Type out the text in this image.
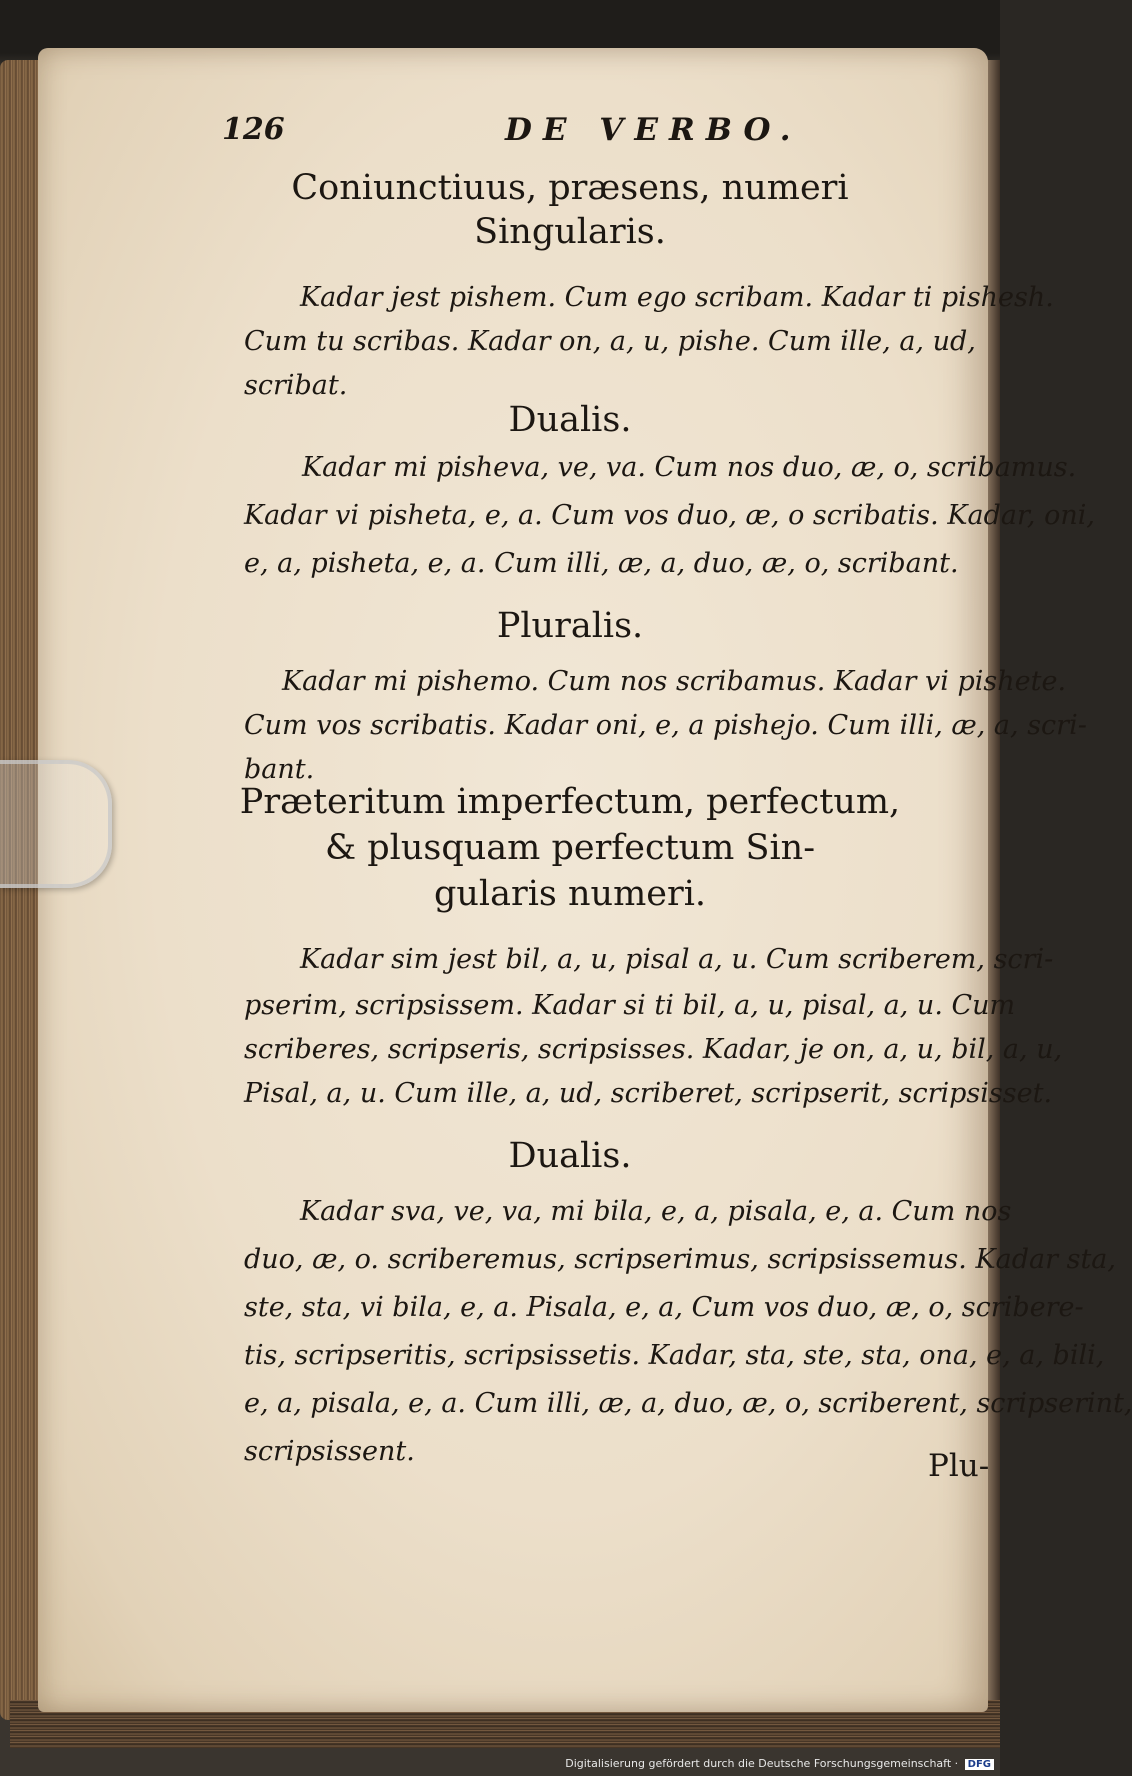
126	DE VERBO.
Coniunctiuus, præsens, numeri
Singularis.
Kadar jest pishem. Cum ego scribam. Kadar ti pishesh.
Cum tu scribas. Kadar on, a, u, pishe. Cum ille, a, ud,
scribat.
Dualis.
Kadar mi pisheva, ve, va. Cum nos duo, æ, o, scribamus.
Kadar vi pisheta, e, a. Cum vos duo, æ, o scribatis. Kadar, oni,
e, a, pisheta, e, a. Cum illi, æ, a, duo, æ, o, scribant.
Pluralis.
Kadar mi pishemo. Cum nos scribamus. Kadar vi pishete.
Cum vos scribatis. Kadar oni, e, a pishejo. Cum illi, æ, a, scri-
bant.
Præteritum imperfectum, perfectum,
& plusquam perfectum Sin-
gularis numeri.
Kadar sim jest bil, a, u, pisal a, u. Cum scriberem, scri-
pserim, scripsissem. Kadar si ti bil, a, u, pisal, a, u. Cum
scriberes, scripseris, scripsisses. Kadar, je on, a, u, bil, a, u,
Pisal, a, u. Cum ille, a, ud, scriberet, scripserit, scripsisset.
Dualis.
Kadar sva, ve, va, mi bila, e, a, pisala, e, a. Cum nos
duo, æ, o. scriberemus, scripserimus, scripsissemus. Kadar sta,
ste, sta, vi bila, e, a. Pisala, e, a, Cum vos duo, æ, o, scribere-
tis, scripseritis, scripsissetis. Kadar, sta, ste, sta, ona, e, a, bili,
e, a, pisala, e, a. Cum illi, æ, a, duo, æ, o, scriberent, scripserint,
scripsissent.	Plu-
Digitalisierung gefördert durch die Deutsche Forschungsgemeinschaft · DFG
